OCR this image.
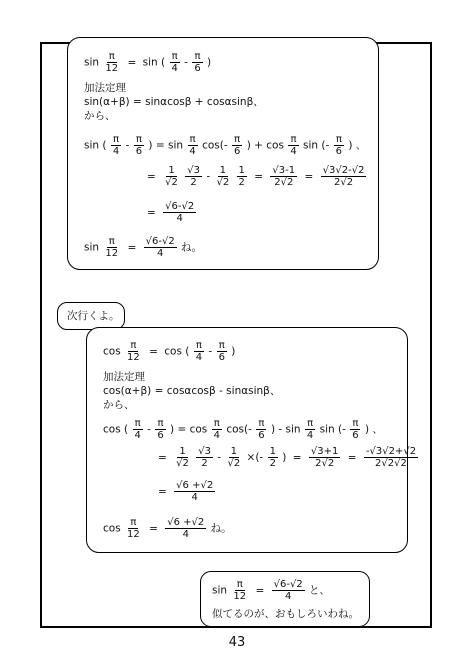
$\sin \frac{\pi}{12} = \sin$ ( $\frac{\pi}{4} - \frac{\pi}{6}$ )
加法定理
sin(α+β) = sinαcosβ + cosαsinβ、
から、
sin ( $\frac{\pi}{4} - \frac{\pi}{6}$ ) = $\sin \frac{\pi}{4} \cos(- \frac{\pi}{6}$ ) + $\cos \frac{\pi}{4}$ sin (- $\frac{\pi}{6}$ ) 、
= $\frac{1}{√2}$
$\frac{√3}{2} - \frac{1}{√2}$
$\frac{1}{2} = \frac{√3-1}{2√2} = \frac{√3√2-√2}{2√2}$
= $\frac{√6-√2}{4}$
$\sin \frac{\pi}{12} = \frac{√6-√2}{4}$ ね。
次行くよ。
$\cos \frac{\pi}{12} = \cos$ ( $\frac{\pi}{4} - \frac{\pi}{6}$ )
加法定理
cos(α+β) = cosαcosβ - sinαsinβ、
から、
cos ( $\frac{\pi}{4} - \frac{\pi}{6}$ ) = $\cos \frac{\pi}{4} \cos(- \frac{\pi}{6}$ ) - $\sin \frac{\pi}{4}$ sin (- $\frac{\pi}{6}$ ) 、
= $\frac{1}{√2}$
$\frac{√3}{2} - \frac{1}{√2}$ ×(- $\frac{1}{2}$ ) = $\frac{√3+1}{2√2} = \frac{-√3√2+√2}{2√2√2}$
= $\frac{√6 +√2}{4}$
$\cos \frac{\pi}{12} = \frac{√6 +√2}{4}$ ね。
$\sin \frac{\pi}{12} = \frac{√6-√2}{4}$ と、
似てるのが、おもしろいわね。
43
